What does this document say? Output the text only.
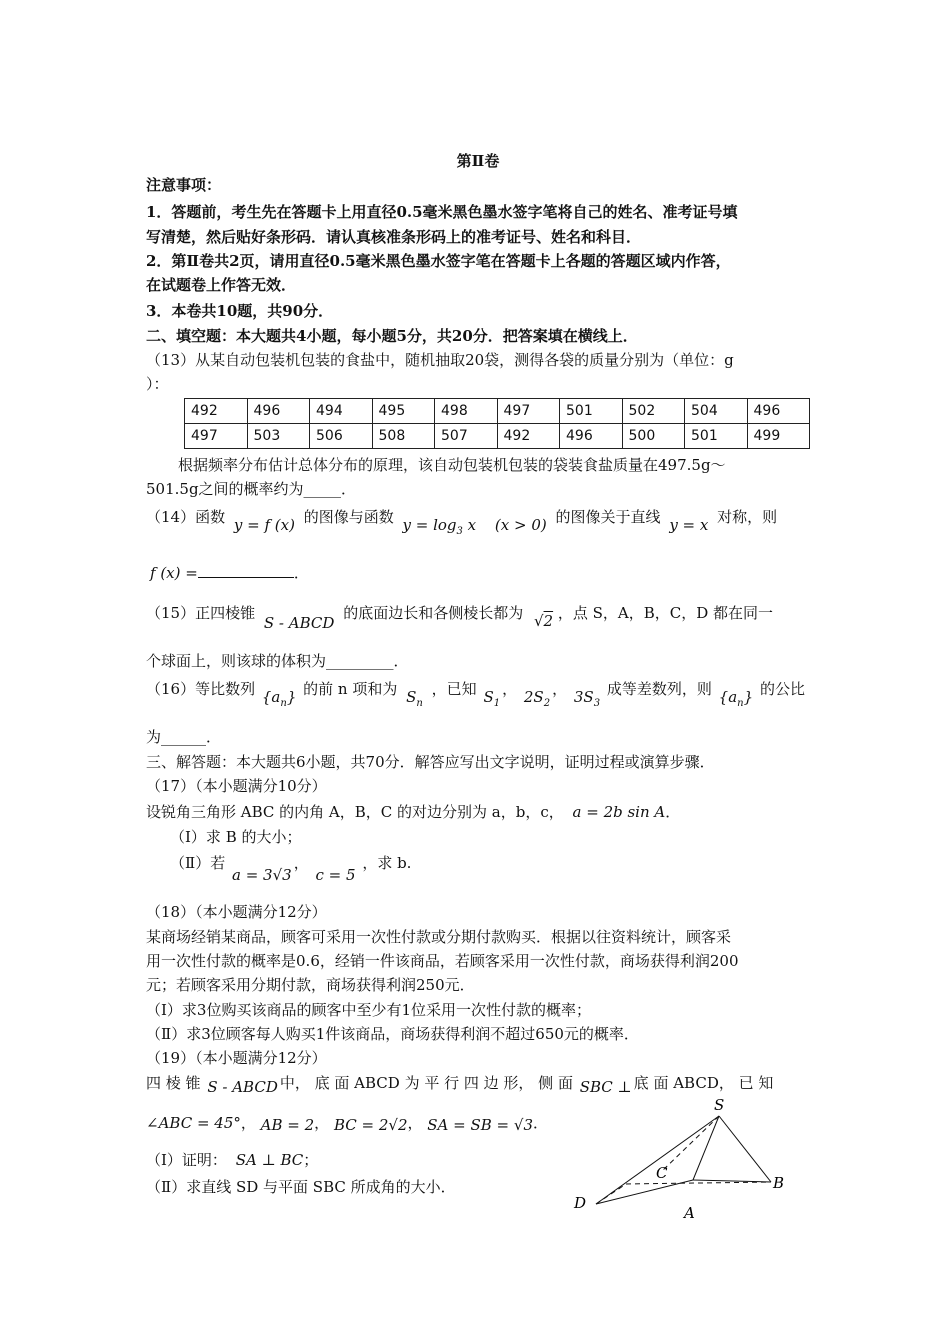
第Ⅱ卷
注意事项：
1．答题前，考生先在答题卡上用直径0.5毫米黑色墨水签字笔将自己的姓名、准考证号填
写清楚，然后贴好条形码．请认真核准条形码上的准考证号、姓名和科目．
2．第Ⅱ卷共2页，请用直径0.5毫米黑色墨水签字笔在答题卡上各题的答题区域内作答，
在试题卷上作答无效．
3．本卷共10题，共90分．
二、填空题：本大题共4小题，每小题5分，共20分．把答案填在横线上．
（13）从某自动包装机包装的食盐中，随机抽取20袋，测得各袋的质量分别为（单位：g
）：
492	496	494	495	498	497	501	502	504	496
497	503	506	508	507	492	496	500	501	499
根据频率分布估计总体分布的原理，该自动包装机包装的袋装食盐质量在497.5g～
501.5g之间的概率约为_____．
（14）函数 y = f (x) 的图像与函数 $y = \log_3 x$ (x > 0) 的图像关于直线 y = x 对称，则
f (x) =	．
（15）正四棱锥 S - ABCD 的底面边长和各侧棱长都为 √2 ，点 S，A，B，C，D 都在同一
个球面上，则该球的体积为_________．
（16）等比数列 $\{a_n\}$ 的前 n 项和为 $S_n$ ，已知 $S_1$， $2S_2$， $3S_3$ 成等差数列，则 $\{a_n\}$ 的公比
为______．
三、解答题：本大题共6小题，共70分．解答应写出文字说明，证明过程或演算步骤．
（17）（本小题满分10分）
设锐角三角形 ABC 的内角 A，B，C 的对边分别为 a，b，c， a = 2b sin A．
（Ⅰ）求 B 的大小；
（Ⅱ）若 a = 3√3， c = 5 ，求 b.
（18）（本小题满分12分）
某商场经销某商品，顾客可采用一次性付款或分期付款购买．根据以往资料统计，顾客采
用一次性付款的概率是0.6，经销一件该商品，若顾客采用一次性付款，商场获得利润200
元；若顾客采用分期付款，商场获得利润250元．
（Ⅰ）求3位购买该商品的顾客中至少有1位采用一次性付款的概率；
（Ⅱ）求3位顾客每人购买1件该商品，商场获得利润不超过650元的概率．
（19）（本小题满分12分）
四 棱 锥 S - ABCD 中， 底 面 ABCD 为 平 行 四 边 形， 侧 面 SBC ⊥ 底 面 ABCD， 已 知
∠ABC = 45°， AB = 2， BC = 2√2， SA = SB = √3．
（Ⅰ）证明： SA ⊥ BC；
（Ⅱ）求直线 SD 与平面 SBC 所成角的大小．
S
A
B
C
D
